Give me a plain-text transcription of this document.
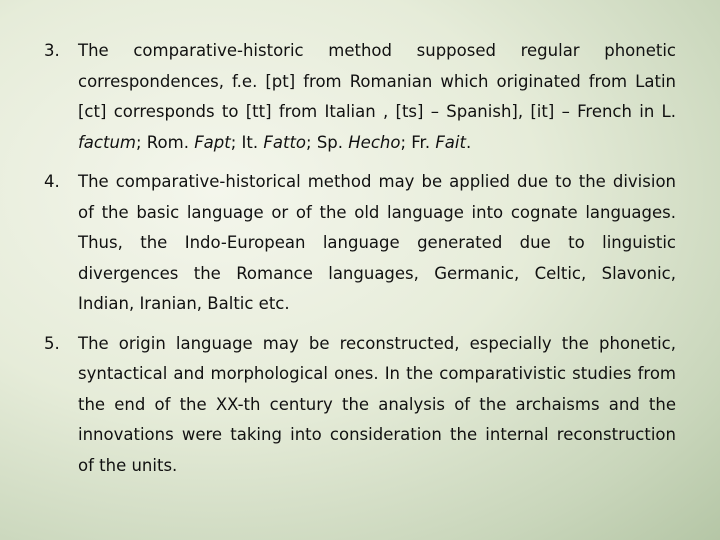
3.	The comparative-historic method supposed regular phonetic correspondences, f.e. [pt] from Romanian which originated from Latin [ct] corresponds to [tt] from Italian , [ts] – Spanish], [it] – French in L. factum; Rom. Fapt; It. Fatto; Sp. Hecho; Fr. Fait.
4.	The comparative-historical method may be applied due to the division of the basic language or of the old language into cognate languages. Thus, the Indo-European language generated due to linguistic divergences the Romance languages, Germanic, Celtic, Slavonic, Indian, Iranian, Baltic etc.
5.	The origin language may be reconstructed, especially the phonetic, syntactical and morphological ones. In the comparativistic studies from the end of the XX-th century the analysis of the archaisms and the innovations were taking into consideration the internal reconstruction of the units.
